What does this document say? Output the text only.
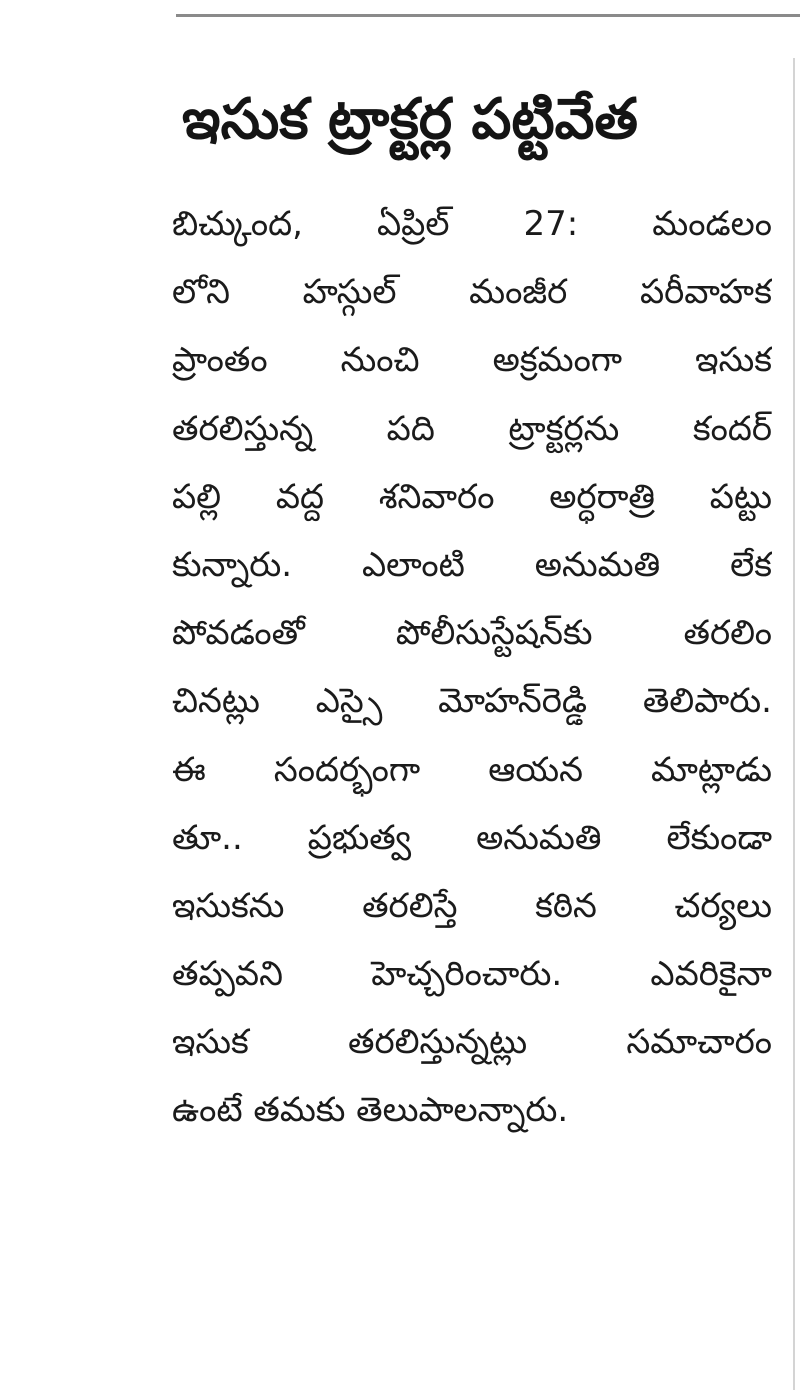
ఇసుక ట్రాక్టర్ల పట్టివేత
బిచ్కుంద, ఏప్రిల్ 27: మండలం
లోని హస్గుల్ మంజీర పరీవాహక
ప్రాంతం నుంచి అక్రమంగా ఇసుక
తరలిస్తున్న పది ట్రాక్టర్లను కందర్
పల్లి వద్ద శనివారం అర్ధరాత్రి పట్టు
కున్నారు. ఎలాంటి అనుమతి లేక
పోవడంతో పోలీసుస్టేషన్‌కు తరలిం
చినట్లు ఎస్సై మోహన్‌రెడ్డి తెలిపారు.
ఈ సందర్భంగా ఆయన మాట్లాడు
తూ.. ప్రభుత్వ అనుమతి లేకుండా
ఇసుకను తరలిస్తే కఠిన చర్యలు
తప్పవని హెచ్చరించారు. ఎవరికైనా
ఇసుక తరలిస్తున్నట్లు సమాచారం
ఉంటే తమకు తెలుపాలన్నారు.
